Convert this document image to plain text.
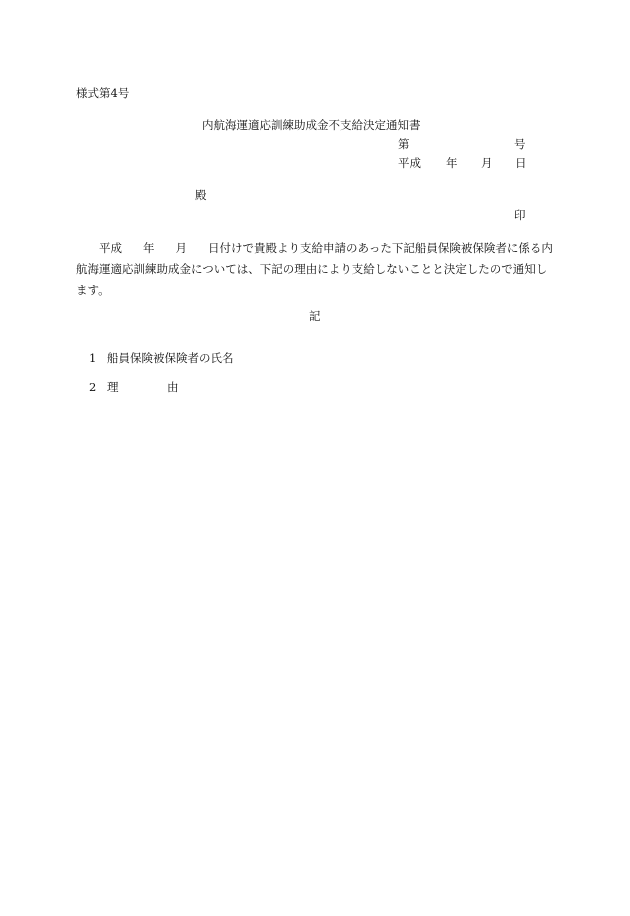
様式第4号
内航海運適応訓練助成金不支給決定通知書
第	号
平成 年 月 日
殿
印

平成 年 月 日付けで貴殿より支給申請のあった下記船員保険被保険者に係る内航海運適応訓練助成金については、下記の理由により支給しないことと決定したので通知します。

記
1 船員保険被保険者の氏名
2 理	由
